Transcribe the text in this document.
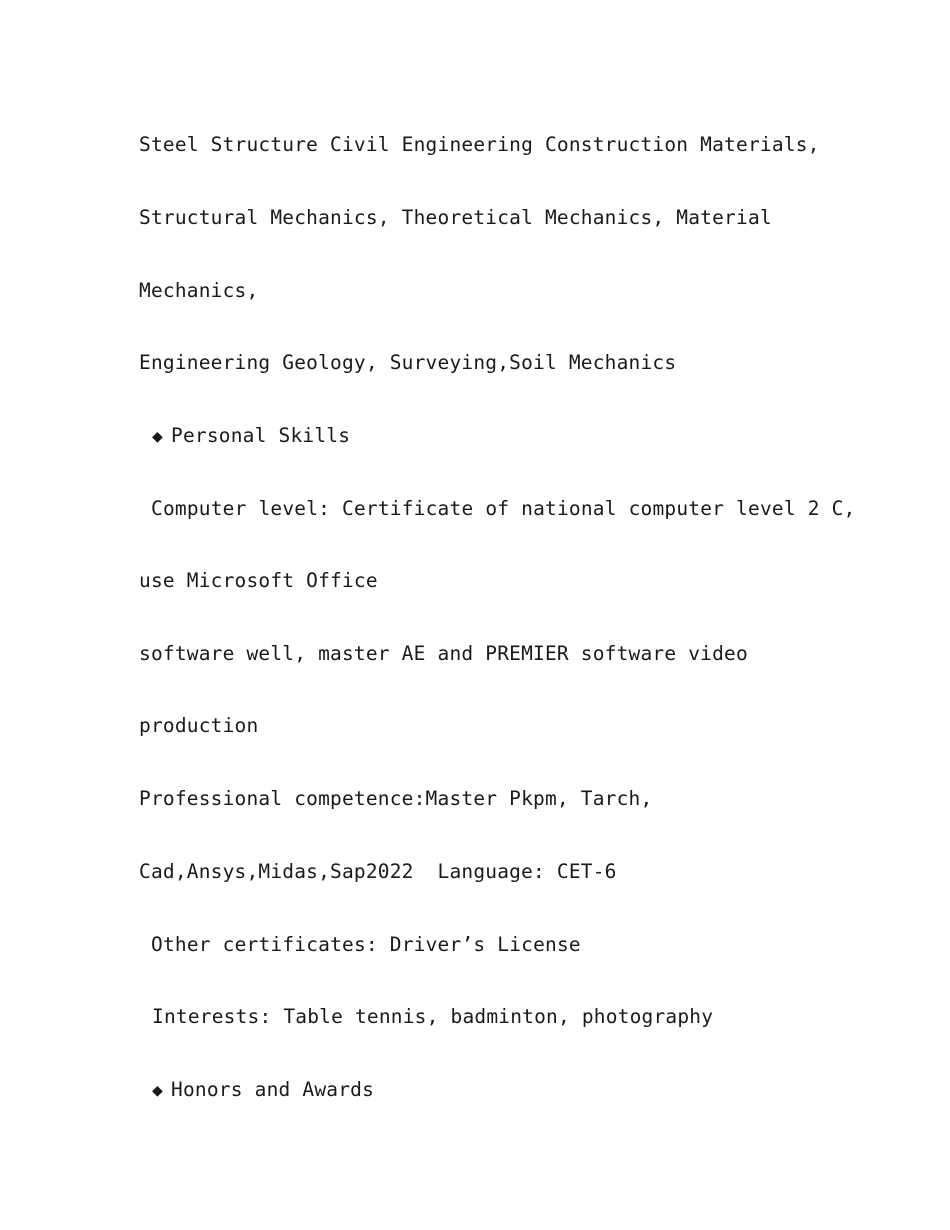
Steel Structure Civil Engineering Construction Materials,

Structural Mechanics, Theoretical Mechanics, Material

Mechanics,

Engineering Geology, Surveying,Soil Mechanics

◆ Personal Skills

Computer level: Certificate of national computer level 2 C,

use Microsoft Office

software well, master AE and PREMIER software video

production

Professional competence:Master Pkpm, Tarch,

Cad,Ansys,Midas,Sap2022  Language: CET-6

Other certificates: Driver’s License

Interests: Table tennis, badminton, photography

◆ Honors and Awards
